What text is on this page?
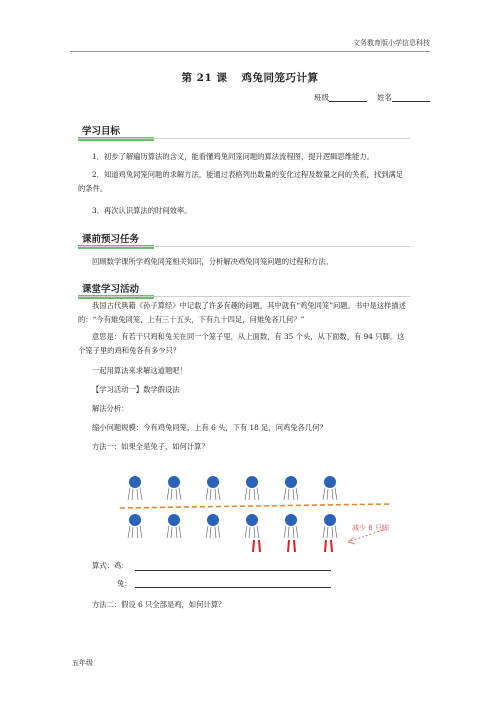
文务教育版小学信息科技
第 21 课 鸡兔同笼巧计算
班级	姓名
学习目标
1．初步了解遍历算法的含义，能看懂鸡兔同笼问题的算法流程图，提升逻辑思维能力。
2．知道鸡兔同笼问题的求解方法，能通过表格列出数量的变化过程及数量之间的关系，找到满足的条件。
3．再次认识算法的时间效率。
课前预习任务
回顾数学课所学鸡兔同笼相关知识，分析解决鸡兔同笼问题的过程和方法。
课堂学习活动
我国古代典籍《孙子算经》中记载了许多有趣的问题，其中就有“鸡兔同笼”问题。书中是这样描述的：“今有雉兔同笼，上有三十五头，下有九十四足，问雉兔各几何？”
意思是：有若干只鸡和兔关在同一个笼子里，从上面数，有 35 个头，从下面数，有 94 只脚。这个笼子里的鸡和兔各有多少只？
一起用算法来求解这道题吧！
【学习活动一】数学假设法
解法分析：
缩小问题规模：今有鸡兔同笼，上有 6 头，下有 18 足，问鸡兔各几何？
方法一：如果全是兔子，如何计算？
减少 6 只脚
算式：鸡：
兔：
方法二：假设 6 只全部是鸡，如何计算？
五年级
